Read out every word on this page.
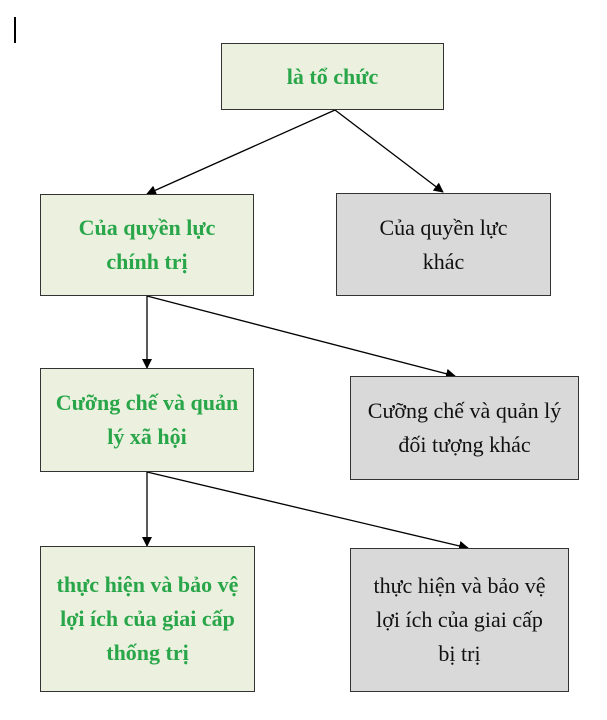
là tổ chức
Của quyền lực chính trị
Của quyền lực khác
Cưỡng chế và quản lý xã hội
Cưỡng chế và quản lý đối tượng khác
thực hiện và bảo vệ lợi ích của giai cấp thống trị
thực hiện và bảo vệ lợi ích của giai cấp bị trị
